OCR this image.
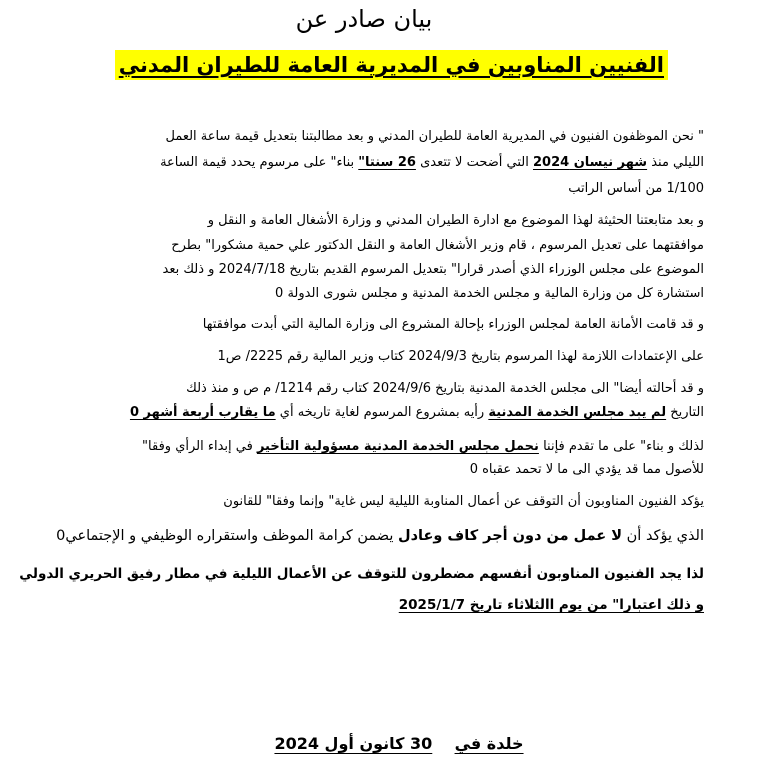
بيان صادر عن
الفنيين المناوبين في المديرية العامة للطيران المدني
" نحن الموظفون الفنيون في المديرية العامة للطيران المدني و بعد مطالبتنا بتعديل قيمة ساعة العمل
الليلي منذ شهر نيسان 2024 التي أضحت لا تتعدى 26 سنتا" بناء" على مرسوم يحدد قيمة الساعة
1/100 من أساس الراتب
و بعد متابعتنا الحثيثة لهذا الموضوع مع ادارة الطيران المدني و وزارة الأشغال العامة و النقل و
موافقتهما على تعديل المرسوم ، قام وزير الأشغال العامة و النقل الدكتور علي حمية مشكورا" بطرح
الموضوع على مجلس الوزراء الذي أصدر قرارا" بتعديل المرسوم القديم بتاريخ 2024/7/18 و ذلك بعد
استشارة كل من وزارة المالية و مجلس الخدمة المدنية و مجلس شورى الدولة 0
و قد قامت الأمانة العامة لمجلس الوزراء بإحالة المشروع الى وزارة المالية التي أبدت موافقتها
على الإعتمادات اللازمة لهذا المرسوم بتاريخ 2024/9/3 كتاب وزير المالية رقم 2225/ ص1
و قد أحالته أيضا" الى مجلس الخدمة المدنية بتاريخ 2024/9/6 كتاب رقم 1214/ م ص و منذ ذلك
التاريخ لم يبد مجلس الخدمة المدنية رأيه بمشروع المرسوم لغاية تاريخه أي ما يقارب أربعة أشهر 0
لذلك و بناء" على ما تقدم فإننا نحمل مجلس الخدمة المدنية مسؤولية التأخير في إبداء الرأي وفقا"
للأصول مما قد يؤدي الى ما لا تحمد عقباه 0
يؤكد الفنيون المناوبون أن التوقف عن أعمال المناوبة الليلية ليس غاية" وإنما وفقا" للقانون
الذي يؤكد أن لا عمل من دون أجر كاف وعادل يضمن كرامة الموظف واستقراره الوظيفي و الإجتماعي0
لذا يجد الفنيون المناوبون أنفسهم مضطرون للتوقف عن الأعمال الليلية في مطار رفيق الحريري الدولي
و ذلك اعتبارا" من يوم االثلاثاء تاريخ 2025/1/7
خلدة في    30 كانون أول 2024
